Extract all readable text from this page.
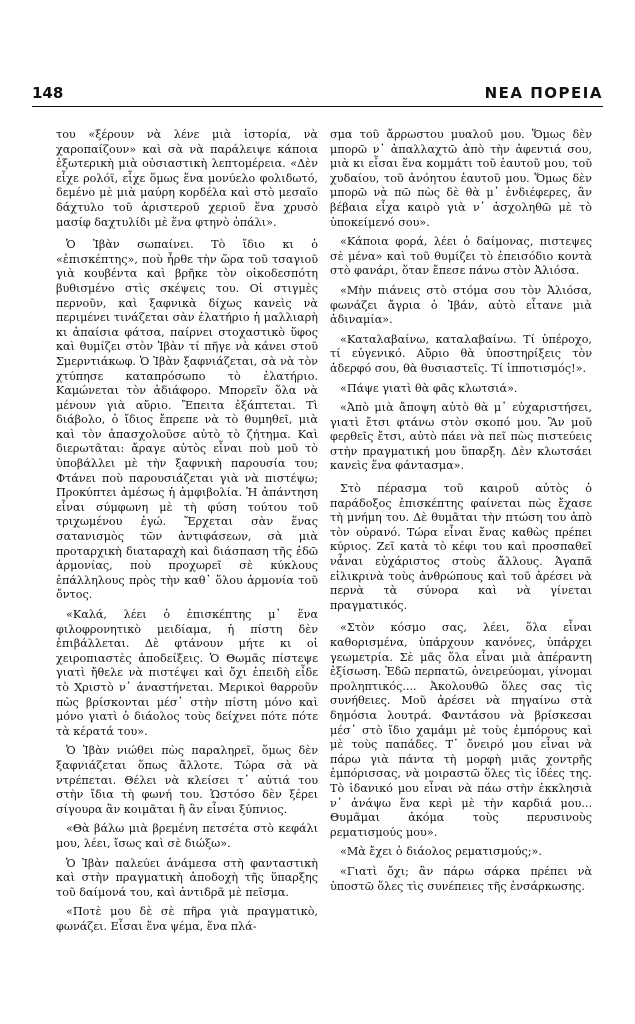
148	ΝΕΑ ΠΟΡΕΙΑ

του «ξέρουν νὰ λένε μιὰ ἱστορία, νὰ χαροπαίζουν» καὶ σὰ νὰ παράλειψε κάποια ἐξωτερικὴ μιὰ οὐσιαστικὴ λεπτομέρεια. «Δὲν εἶχε ρολόϊ, εἶχε ὅμως ἕνα μονύελο φολιδωτό, δεμένο μὲ μιὰ μαύρη κορδέλα καὶ στὸ μεσαῖο δάχτυλο τοῦ ἀριστεροῦ χεριοῦ ἕνα χρυσὸ μασίφ δαχτυλίδι μὲ ἕνα φτηνὸ ὀπάλι».

Ὁ Ἰβὰν σωπαίνει. Τὸ ἴδιο κι ὁ «ἐπισκέπτης», ποὺ ἦρθε τὴν ὥρα τοῦ τσαγιοῦ γιὰ κουβέντα καὶ βρῆκε τὸν οἰκοδεσπότη βυθισμένο στὶς σκέψεις του. Οἱ στιγμὲς περνοῦν, καὶ ξαφνικὰ δίχως κανεὶς νὰ περιμένει τινάζεται σὰν ἐλατήριο ἡ μαλλιαρὴ κι ἀπαίσια φάτσα, παίρνει στοχαστικὸ ὕφος καὶ θυμίζει στὸν Ἰβὰν τί πῆγε νὰ κάνει στοῦ Σμερντιάκωφ. Ὁ Ἰβὰν ξαφνιάζεται, σὰ νὰ τὸν χτύπησε καταπρόσωπο τὸ ἐλατήριο. Καμώνεται τὸν ἀδιάφορο. Μπορεῖν ὅλα νὰ μένουν γιὰ αὔριο. Ἔπειτα ἐξάπτεται. Τὶ διάβολο, ὁ ἴδιος ἔπρεπε νὰ τὸ θυμηθεῖ, μιὰ καὶ τὸν ἀπασχολοῦσε αὐτὸ τὸ ζήτημα. Καὶ διερωτᾶται: ἄραγε αὐτὸς εἶναι ποὺ μοῦ τὸ ὑποβάλλει μὲ τὴν ξαφνικὴ παρουσία του; Φτάνει ποὺ παρουσιάζεται γιὰ νὰ πιστέψω; Προκύπτει ἀμέσως ἡ ἀμφιβολία. Ἡ ἀπάντηση εἶναι σύμφωνη μὲ τὴ φύση τούτου τοῦ τριχωμένου ἐγώ. Ἔρχεται σὰν ἕνας σατανισμὸς τῶν ἀντιφάσεων, σὰ μιὰ προταρχικὴ διαταραχὴ καὶ διάσπαση τῆς ἐδῶ ἁρμονίας, ποὺ προχωρεῖ σὲ κύκλους ἐπάλληλους πρὸς τὴν καθ᾽ ὅλου ἁρμονία τοῦ ὄντος.

«Καλά, λέει ὁ ἐπισκέπτης μ᾽ ἕνα φιλοφρονητικὸ μειδίαμα, ἡ πίστη δὲν ἐπιβάλλεται. Δὲ φτάνουν μήτε κι οἱ χειροπιαστὲς ἀποδείξεις. Ὁ Θωμᾶς πίστεψε γιατὶ ἤθελε νὰ πιστέψει καὶ ὄχι ἐπειδὴ εἶδε τὸ Χριστὸ ν᾽ ἀναστήνεται. Μερικοὶ θαρροῦν πὼς βρίσκονται μέσ᾽ στὴν πίστη μόνο καὶ μόνο γιατὶ ὁ διάολος τοὺς δείχνει πότε πότε τὰ κέρατά του».

Ὁ Ἰβὰν νιώθει πὼς παραληρεῖ, ὅμως δὲν ξαφνιάζεται ὅπως ἄλλοτε. Τώρα σὰ νὰ ντρέπεται. Θέλει νὰ κλείσει τ᾽ αὐτιά του στὴν ἴδια τὴ φωνή του. Ὡστόσο δὲν ξέρει σίγουρα ἂν κοιμᾶται ἢ ἂν εἶναι ξύπνιος.

«Θὰ βάλω μιὰ βρεμένη πετσέτα στὸ κεφάλι μου, λέει, ἴσως καὶ σὲ διώξω».

Ὁ Ἰβὰν παλεύει ἀνάμεσα στὴ φανταστικὴ καὶ στὴν πραγματικὴ ἀποδοχὴ τῆς ὕπαρξης τοῦ δαίμονά του, καὶ ἀντιδρᾶ μὲ πεῖσμα.

«Ποτὲ μου δὲ σὲ πῆρα γιὰ πραγματικὸ, φωνάζει. Εἶσαι ἕνα ψέμα, ἕνα πλά-

σμα τοῦ ἄρρωστου μυαλοῦ μου. Ὅμως δὲν μπορῶ ν᾽ ἀπαλλαχτῶ ἀπὸ τὴν ἀφεντιά σου, μιὰ κι εἶσαι ἕνα κομμάτι τοῦ ἑαυτοῦ μου, τοῦ χυδαίου, τοῦ ἀνόητου ἑαυτοῦ μου. Ὅμως δὲν μπορῶ νὰ πῶ πὼς δὲ θὰ μ᾽ ἐνδιέφερες, ἂν βέβαια εἶχα καιρὸ γιὰ ν᾽ ἀσχοληθῶ μὲ τὸ ὑποκείμενό σου».

«Κάποια φορά, λέει ὁ δαίμονας, πιστεψες σὲ μένα» καὶ τοῦ θυμίζει τὸ ἐπεισόδιο κοντὰ στὸ φανάρι, ὅταν ἔπεσε πάνω στὸν Ἀλιόσα.

«Μὴν πιάνεις στὸ στόμα σου τὸν Ἀλιόσα, φωνάζει ἄγρια ὁ Ἰβάν, αὐτὸ εἶτανε μιὰ ἀδιναμία».

«Καταλαβαίνω, καταλαβαίνω. Τί ὑπέροχο, τί εὐγενικό. Αὔριο θὰ ὑποστηρίξεις τὸν ἀδερφό σου, θὰ θυσιαστεῖς. Τί ἱπποτισμός!».

«Πάψε γιατὶ θὰ φᾶς κλωτσιά».

«Ἀπὸ μιὰ ἄποψη αὐτὸ θὰ μ᾽ εὐχαριστήσει, γιατὶ ἔτσι φτάνω στὸν σκοπό μου. Ἂν μοῦ φερθεῖς ἔτσι, αὐτὸ πάει νὰ πεῖ πὼς πιστεύεις στὴν πραγματική μου ὕπαρξη. Δὲν κλωτσάει κανεὶς ἕνα φάντασμα».

Στὸ πέρασμα τοῦ καιροῦ αὐτὸς ὁ παράδοξος ἐπισκέπτης φαίνεται πὼς ἔχασε τὴ μνήμη του. Δὲ θυμᾶται τὴν πτώση του ἀπὸ τὸν οὐρανό. Τώρα εἶναι ἕνας καθὼς πρέπει κύριος. Ζεῖ κατὰ τὸ κέφι του καὶ προσπαθεῖ νἆναι εὐχάριστος στοὺς ἄλλους. Ἀγαπᾶ εἰλικρινὰ τοὺς ἀνθρώπους καὶ τοῦ ἀρέσει νὰ περνὰ τὰ σύνορα καὶ νὰ γίνεται πραγματικός.

«Στὸν κόσμο σας, λέει, ὅλα εἶναι καθορισμένα, ὑπάρχουν κανόνες, ὑπάρχει γεωμετρία. Σὲ μᾶς ὅλα εἶναι μιὰ ἀπέραντη ἐξίσωση. Ἐδῶ περπατῶ, ὀνειρεύομαι, γίνομαι προληπτικός.... Ἀκολουθῶ ὅλες σας τὶς συνήθειες. Μοῦ ἀρέσει νὰ πηγαίνω στὰ δημόσια λουτρά. Φαντάσου νὰ βρίσκεσαι μέσ᾽ στὸ ἴδιο χαμάμι μὲ τοὺς ἐμπόρους καὶ μὲ τοὺς παπάδες. Τ᾽ ὄνειρό μου εἶναι νὰ πάρω γιὰ πάντα τὴ μορφὴ μιᾶς χοντρῆς ἐμπόρισσας, νὰ μοιραστῶ ὅλες τὶς ἰδέες της. Τὸ ἰδανικό μου εἶναι νὰ πάω στὴν ἐκκλησιὰ ν᾽ ἀνάψω ἕνα κερὶ μὲ τὴν καρδιά μου... Θυμᾶμαι ἀκόμα τοὺς περυσινοὺς ρεματισμούς μου».

«Μὰ ἔχει ὁ διάολος ρεματισμούς;».

«Γιατὶ ὄχι; ἂν πάρω σάρκα πρέπει νὰ ὑποστῶ ὅλες τὶς συνέπειες τῆς ἐνσάρκωσης.
